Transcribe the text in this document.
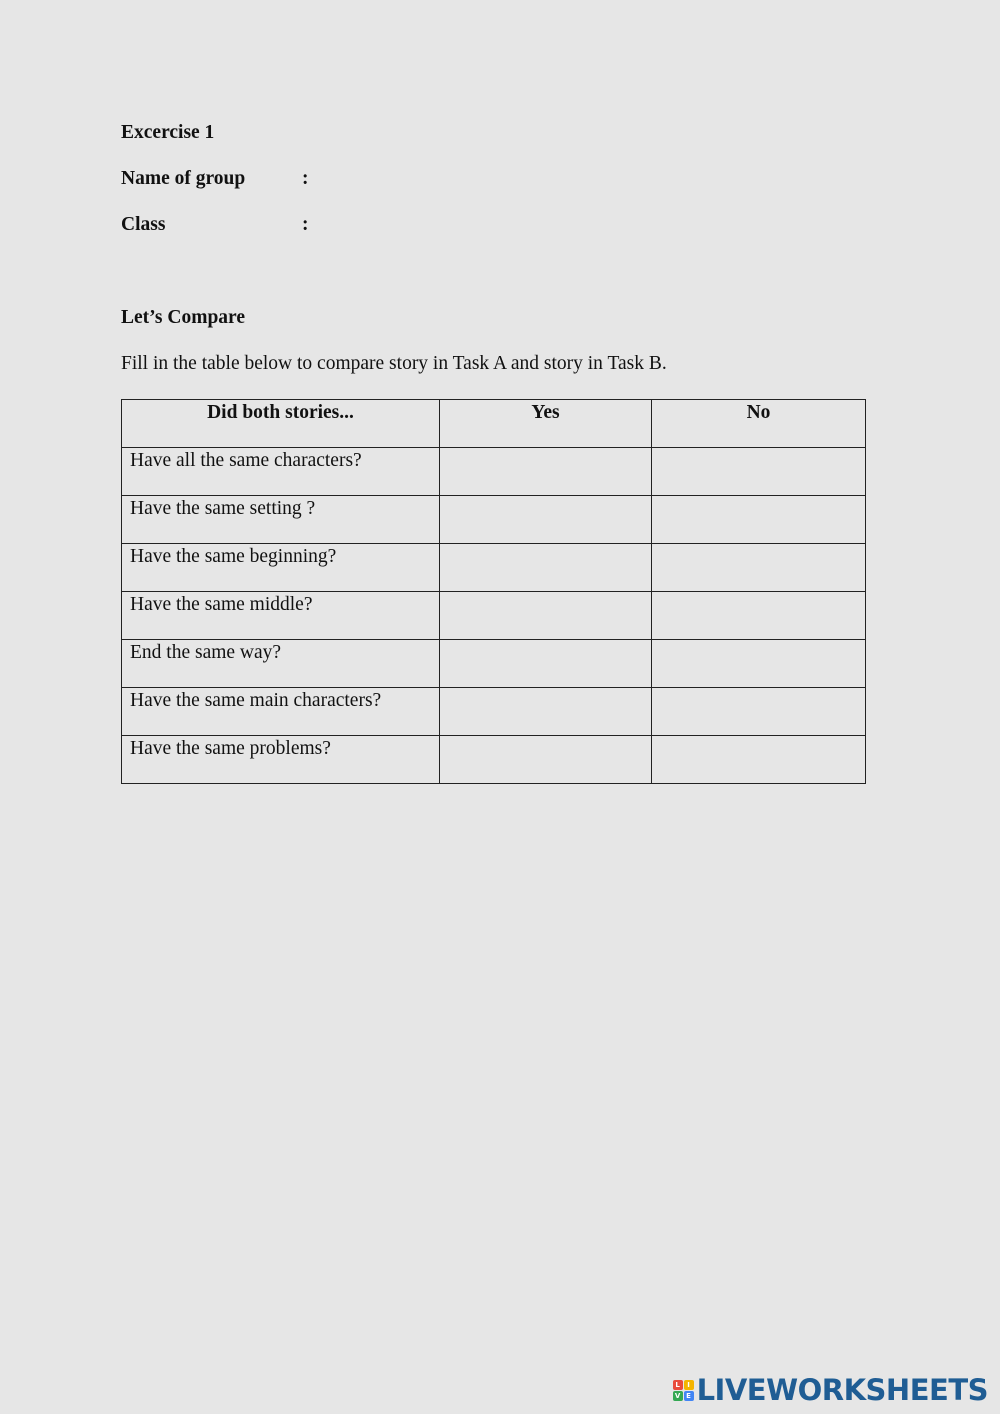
Excercise 1
Name of group	:
Class	:
Let’s Compare

Fill in the table below to compare story in Task A and story in Task B.

Did both stories...	Yes	No
Have all the same characters?		
Have the same setting ?		
Have the same beginning?		
Have the same middle?		
End the same way?		
Have the same main characters?		
Have the same problems?		
L	I
V E LIVEWORKSHEETS
